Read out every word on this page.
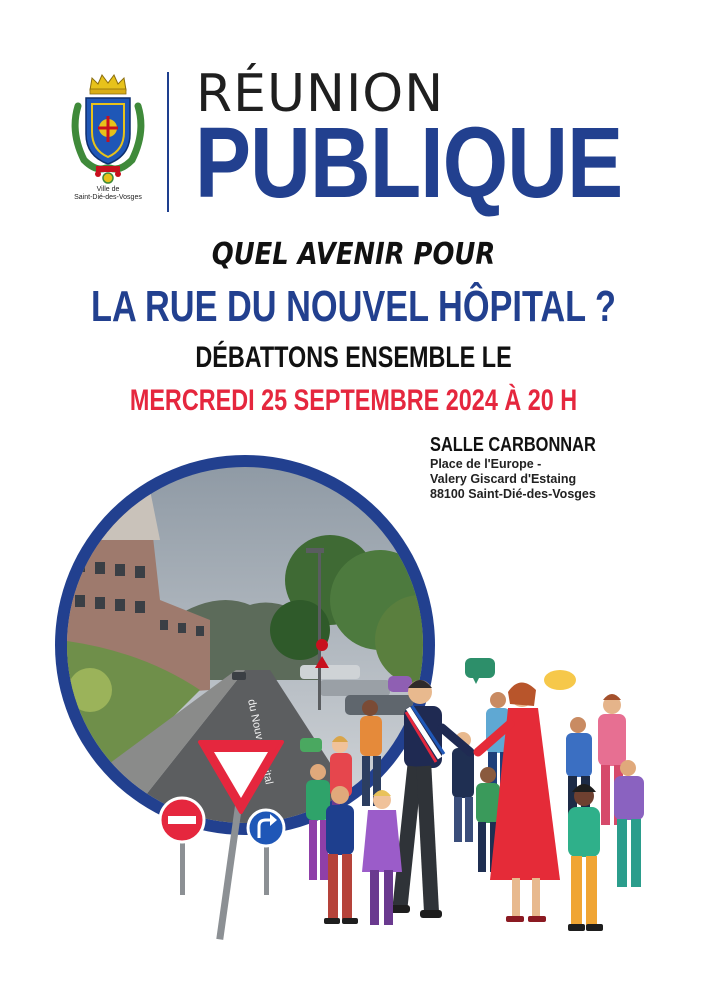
Ville de
Saint-Dié-des-Vosges
RÉUNION
PUBLIQUE
QUEL AVENIR POUR
LA RUE DU NOUVEL HÔPITAL ?
DÉBATTONS ENSEMBLE LE
MERCREDI 25 SEPTEMBRE 2024 À 20 H
SALLE CARBONNAR
Place de l'Europe -
Valery Giscard d'Estaing
88100 Saint-Dié-des-Vosges
